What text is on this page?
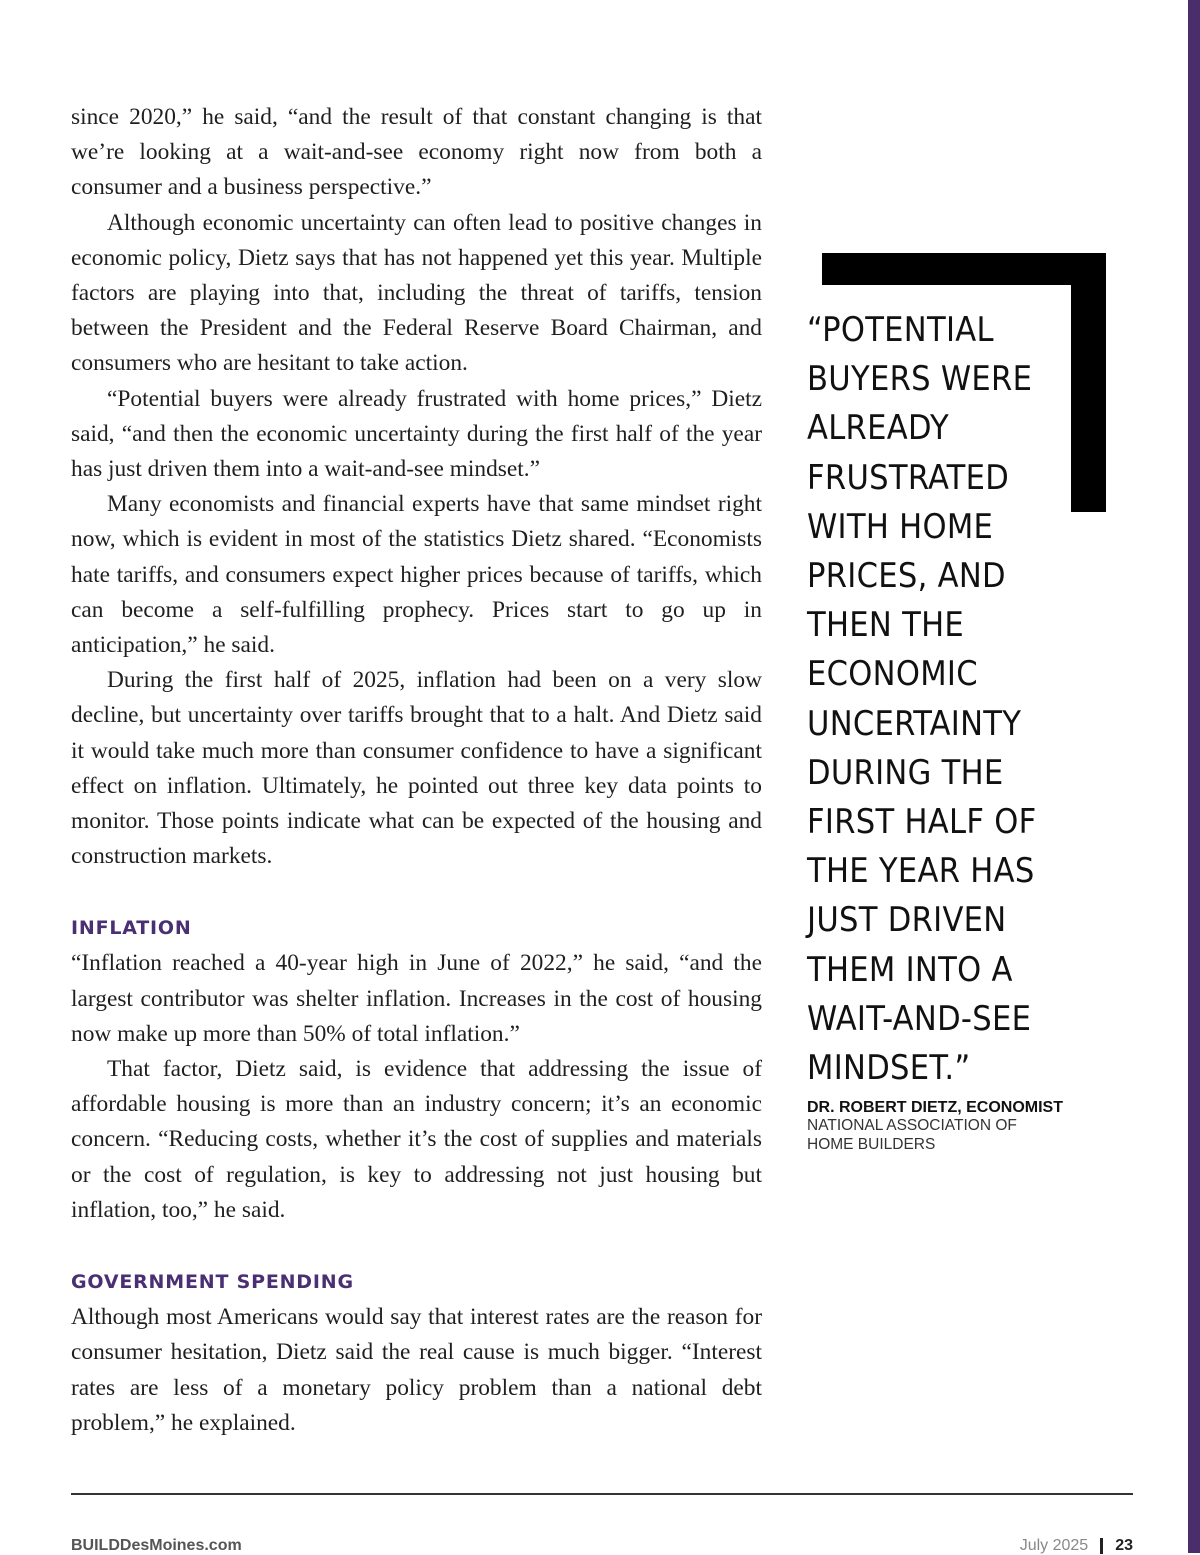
since 2020,” he said, “and the result of that constant changing is that we’re looking at a wait-and-see economy right now from both a consumer and a business perspective.”

Although economic uncertainty can often lead to positive changes in economic policy, Dietz says that has not happened yet this year. Multiple factors are playing into that, including the threat of tariffs, tension between the President and the Federal Reserve Board Chairman, and consumers who are hesitant to take action.

“Potential buyers were already frustrated with home prices,” Dietz said, “and then the economic uncertainty during the first half of the year has just driven them into a wait-and-see mindset.”

Many economists and financial experts have that same mindset right now, which is evident in most of the statistics Dietz shared. “Economists hate tariffs, and consumers expect higher prices because of tariffs, which can become a self-fulfilling prophecy. Prices start to go up in anticipation,” he said.

During the first half of 2025, inflation had been on a very slow decline, but uncertainty over tariffs brought that to a halt. And Dietz said it would take much more than consumer confidence to have a significant effect on inflation. Ultimately, he pointed out three key data points to monitor. Those points indicate what can be expected of the housing and construction markets.

INFLATION

“Inflation reached a 40-year high in June of 2022,” he said, “and the largest contributor was shelter inflation. Increases in the cost of housing now make up more than 50% of total inflation.”

That factor, Dietz said, is evidence that addressing the issue of affordable housing is more than an industry concern; it’s an economic concern. “Reducing costs, whether it’s the cost of supplies and materials or the cost of regulation, is key to addressing not just housing but inflation, too,” he said.

GOVERNMENT SPENDING

Although most Americans would say that interest rates are the reason for consumer hesitation, Dietz said the real cause is much bigger. “Interest rates are less of a monetary policy problem than a national debt problem,” he explained.

“POTENTIAL
BUYERS WERE
ALREADY
FRUSTRATED
WITH HOME
PRICES, AND
THEN THE
ECONOMIC
UNCERTAINTY
DURING THE
FIRST HALF OF
THE YEAR HAS
JUST DRIVEN
THEM INTO A
WAIT-AND-SEE
MINDSET.”
DR. ROBERT DIETZ, ECONOMIST
NATIONAL ASSOCIATION OF
HOME BUILDERS
BUILDDesMoines.com	July 2025 23
